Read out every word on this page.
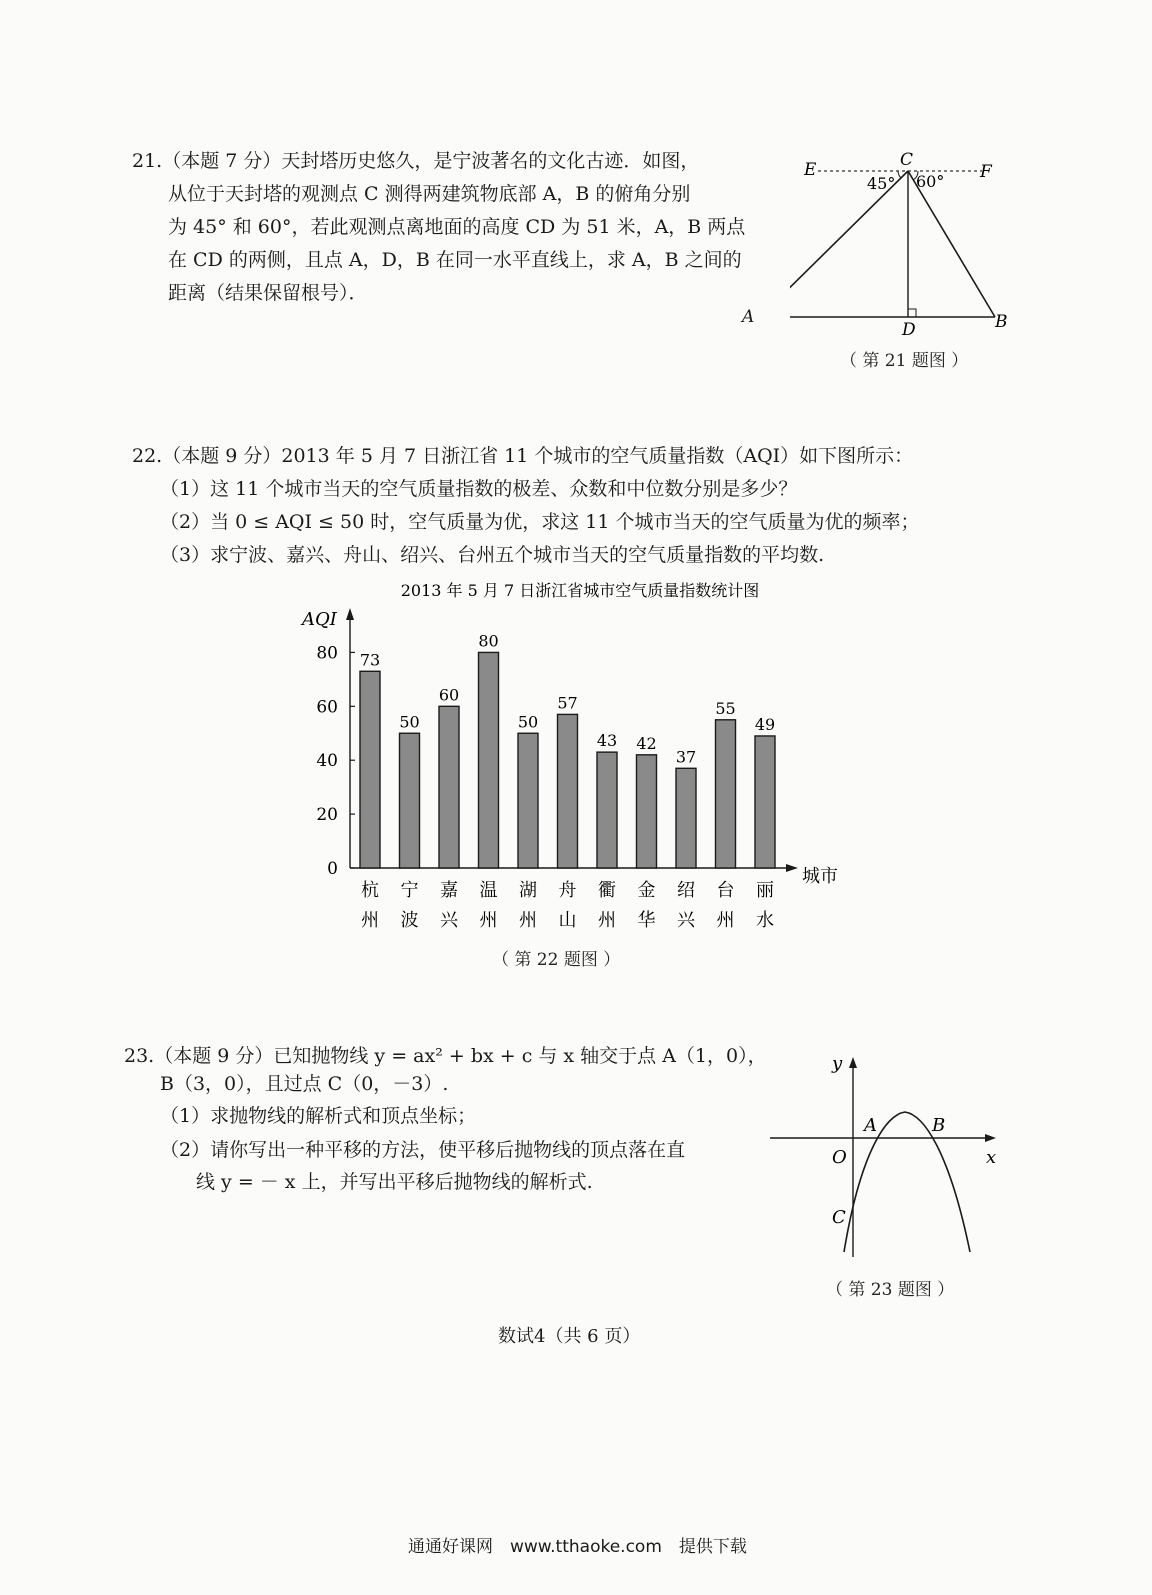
21.（本题 7 分）天封塔历史悠久，是宁波著名的文化古迹．如图，

从位于天封塔的观测点 C 测得两建筑物底部 A，B 的俯角分别

为 45° 和 60°，若此观测点离地面的高度 CD 为 51 米，A，B 两点

在 CD 的两侧，且点 A，D，B 在同一水平直线上，求 A，B 之间的

距离（结果保留根号）．

E	C
F
45° 60°
D	B
A
（ 第 21 题图 ）

22.（本题 9 分）2013 年 5 月 7 日浙江省 11 个城市的空气质量指数（AQI）如下图所示：

（1）这 11 个城市当天的空气质量指数的极差、众数和中位数分别是多少？

（2）当 0 ≤ AQI ≤ 50 时，空气质量为优，求这 11 个城市当天的空气质量为优的频率；

（3）求宁波、嘉兴、舟山、绍兴、台州五个城市当天的空气质量指数的平均数.

2013 年 5 月 7 日浙江省城市空气质量指数统计图
AQI
城市
0
20
40
60
80 73
50
60
80
50
57
43 42
37
55
49
杭
州
宁
波
嘉
兴
温
州
湖
州
舟
山
衢
州
金
华
绍
兴
台
州
丽
水
（ 第 22 题图 ）

23.（本题 9 分）已知抛物线 y = ax² + bx + c 与 x 轴交于点 A（1，0），

B（3，0），且过点 C（0，－3）.

（1）求抛物线的解析式和顶点坐标；

（2）请你写出一种平移的方法，使平移后抛物线的顶点落在直

线 y = － x 上，并写出平移后抛物线的解析式.

y
x
O
A	B
C
（ 第 23 题图 ）
数试4（共 6 页）
通通好课网　www.tthaoke.com　提供下载
